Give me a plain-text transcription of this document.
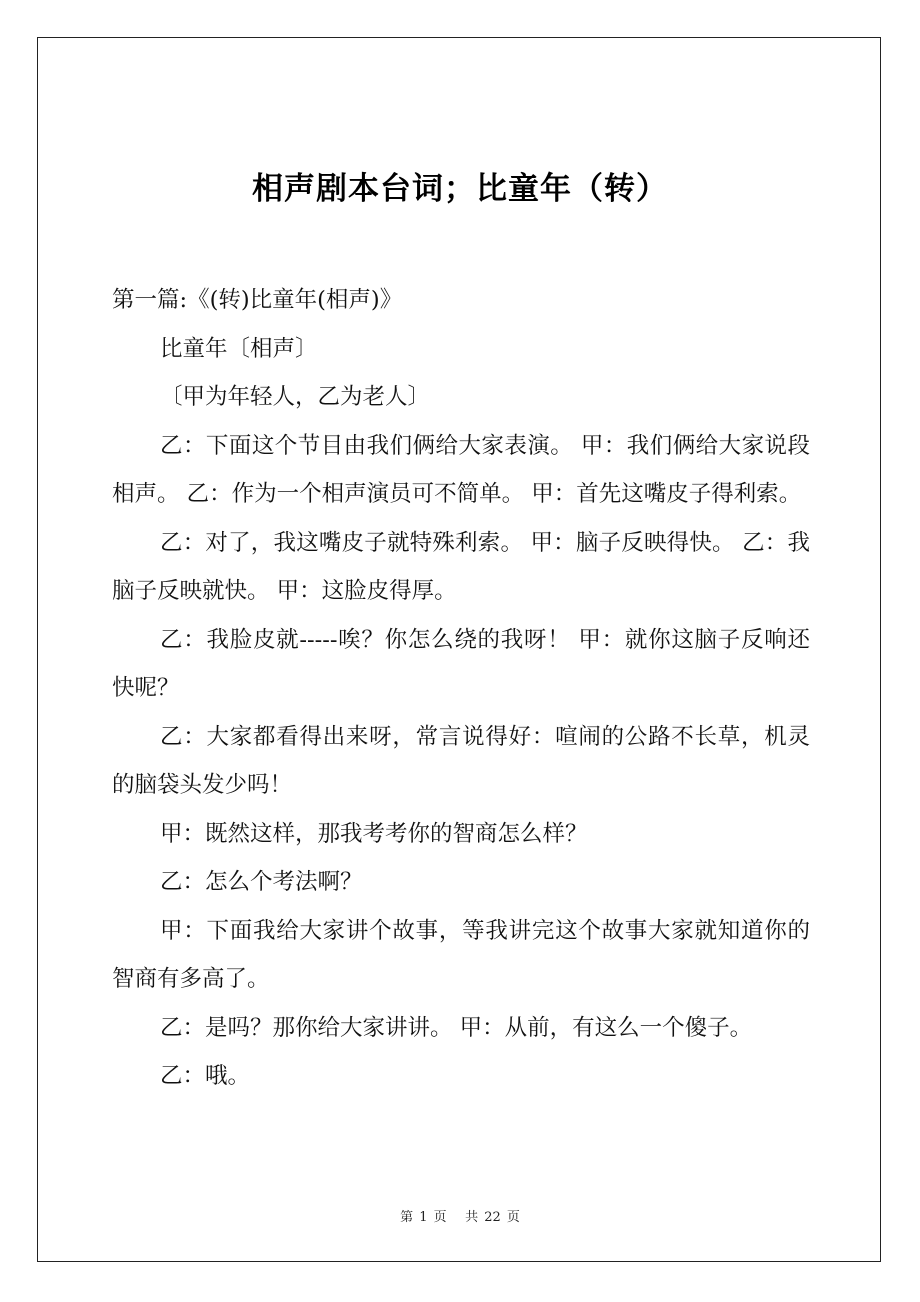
相声剧本台词；比童年（转）

第一篇:《(转)比童年(相声)》

比童年〔相声〕

〔甲为年轻人，乙为老人〕

乙：下面这个节目由我们俩给大家表演。 甲：我们俩给大家说段相声。 乙：作为一个相声演员可不简单。 甲：首先这嘴皮子得利索。

乙：对了，我这嘴皮子就特殊利索。 甲：脑子反映得快。 乙：我脑子反映就快。 甲：这脸皮得厚。

乙：我脸皮就-----唉？你怎么绕的我呀！ 甲：就你这脑子反响还快呢？

乙：大家都看得出来呀，常言说得好：喧闹的公路不长草，机灵的脑袋头发少吗！

甲：既然这样，那我考考你的智商怎么样？

乙：怎么个考法啊？

甲：下面我给大家讲个故事，等我讲完这个故事大家就知道你的智商有多高了。

乙：是吗？那你给大家讲讲。 甲：从前，有这么一个傻子。

乙：哦。

第 1 页 共 22 页
